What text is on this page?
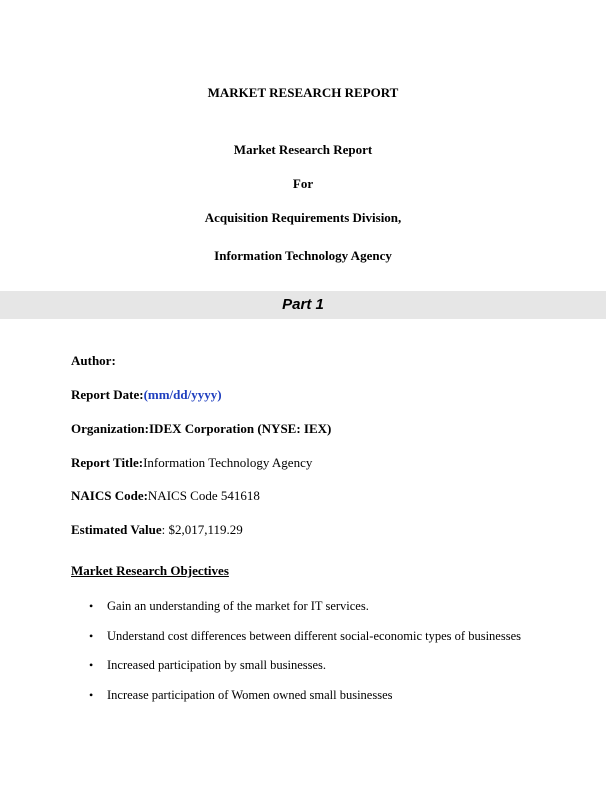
MARKET RESEARCH REPORT
Market Research Report
For
Acquisition Requirements Division,
Information Technology Agency
Part 1
Author:
Report Date:(mm/dd/yyyy)
Organization:IDEX Corporation (NYSE: IEX)
Report Title:Information Technology Agency
NAICS Code:NAICS Code 541618
Estimated Value: $2,017,119.29
Market Research Objectives
• Gain an understanding of the market for IT services.
• Understand cost differences between different social-economic types of businesses
• Increased participation by small businesses.
• Increase participation of Women owned small businesses
